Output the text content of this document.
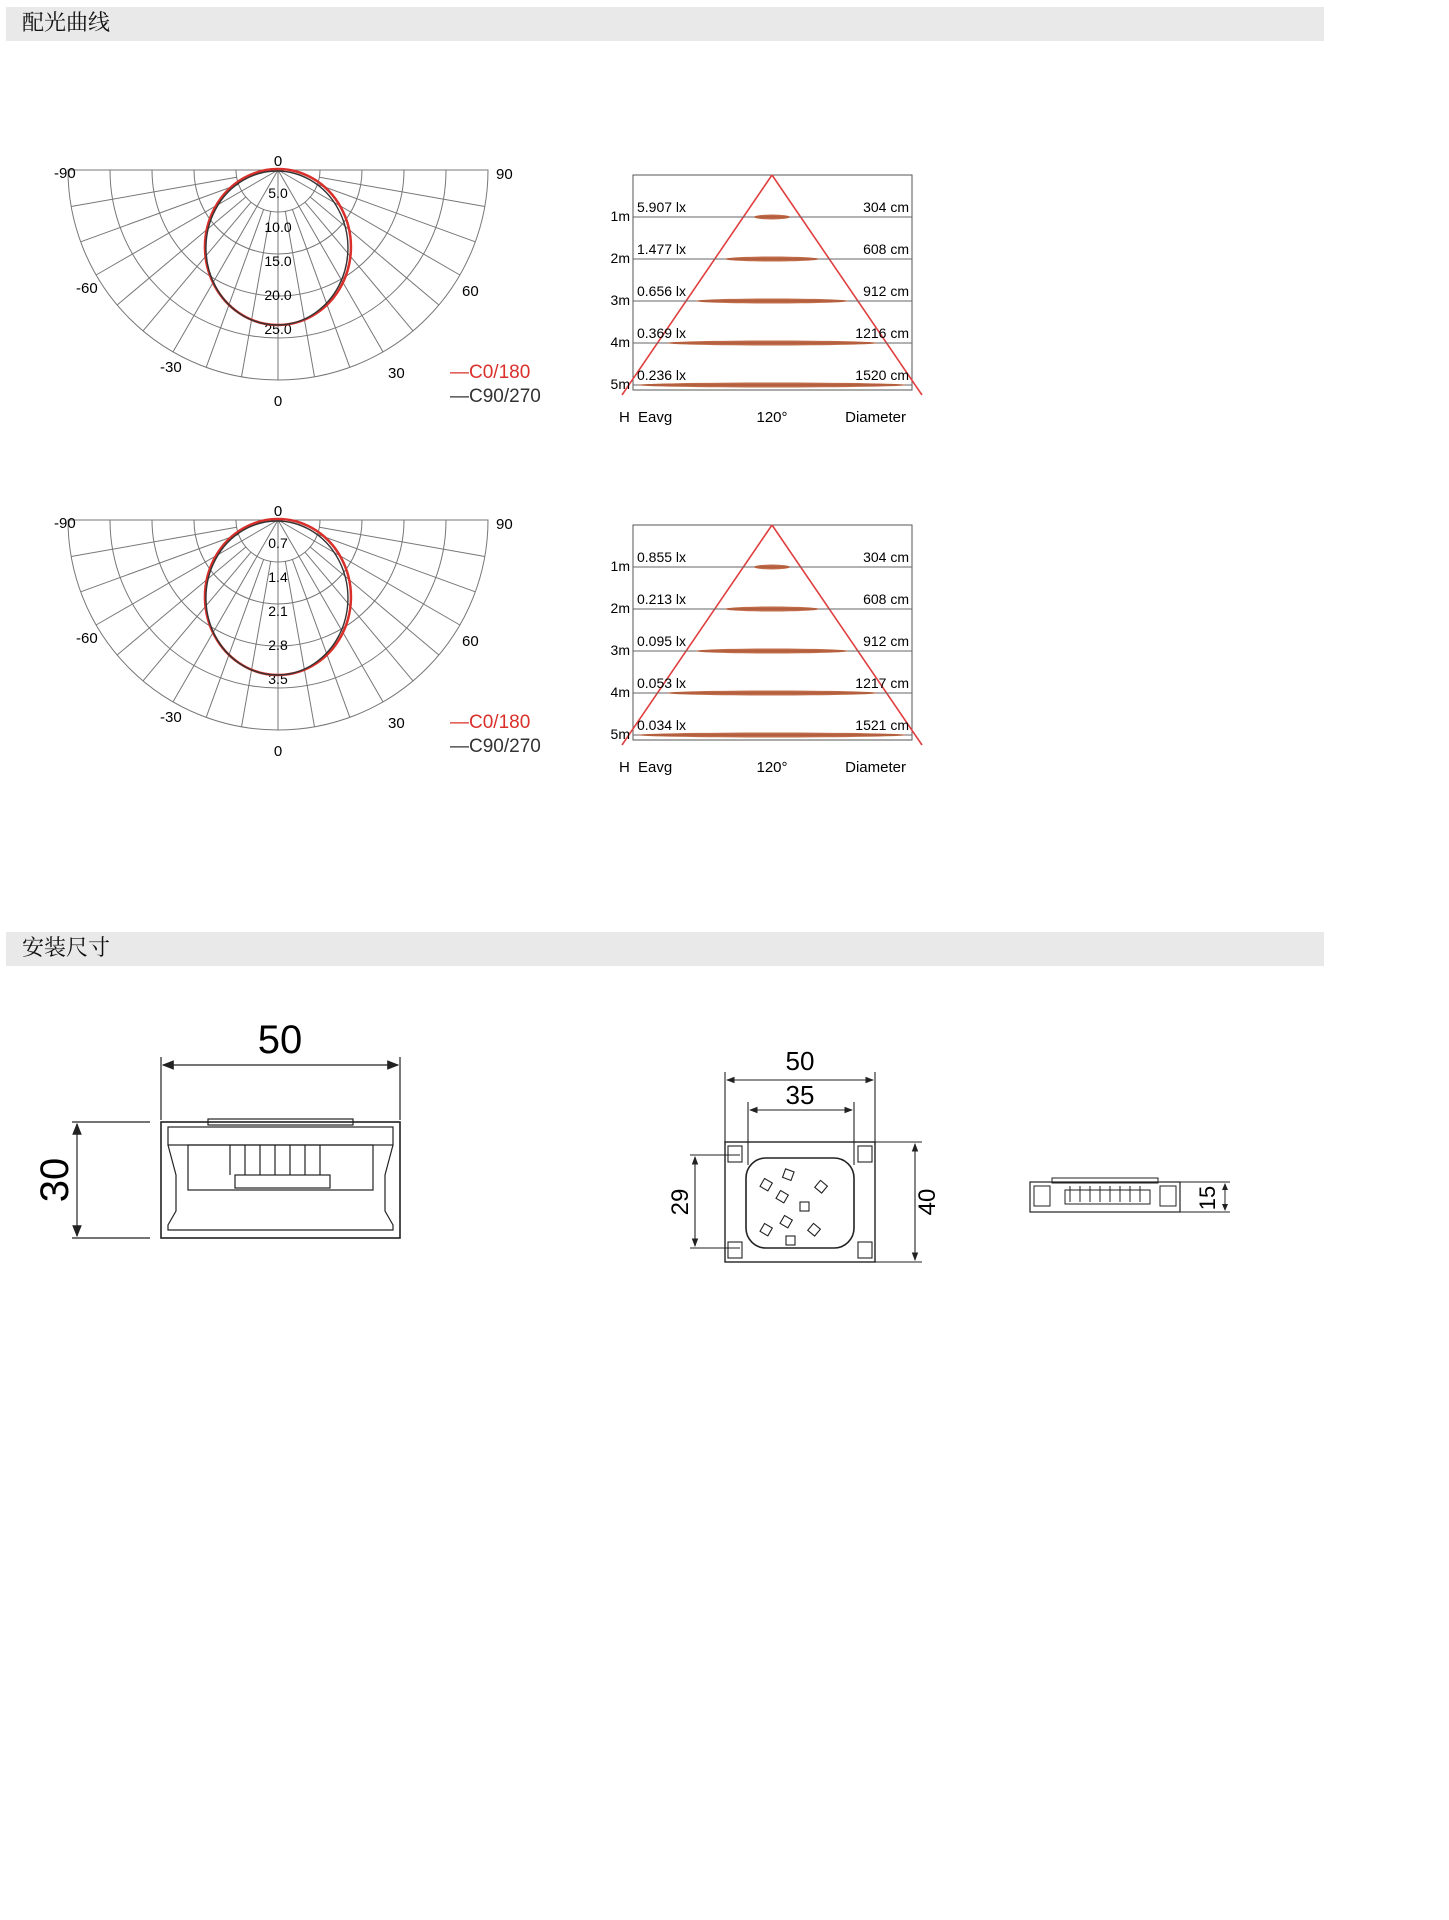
配光曲线
-90
0
90
-60	60
-30	30
0
5.0
10.0
15.0
20.0
25.0
—C0/180
—C90/270
1m
5.907 lx	304 cm
2m
1.477 lx	608 cm
3m
0.656 lx	912 cm
4m
0.369 lx	1216 cm
5m
0.236 lx	1520 cm
H Eavg	120°	Diameter
-90
0
90
-60	60
-30	30
0
0.7
1.4
2.1
2.8
3.5
—C0/180
—C90/270
1m
0.855 lx	304 cm
2m
0.213 lx	608 cm
3m
0.095 lx	912 cm
4m
0.053 lx	1217 cm
5m
0.034 lx	1521 cm
H Eavg	120°	Diameter
安装尺寸
50
30
50
35
29	40	15
